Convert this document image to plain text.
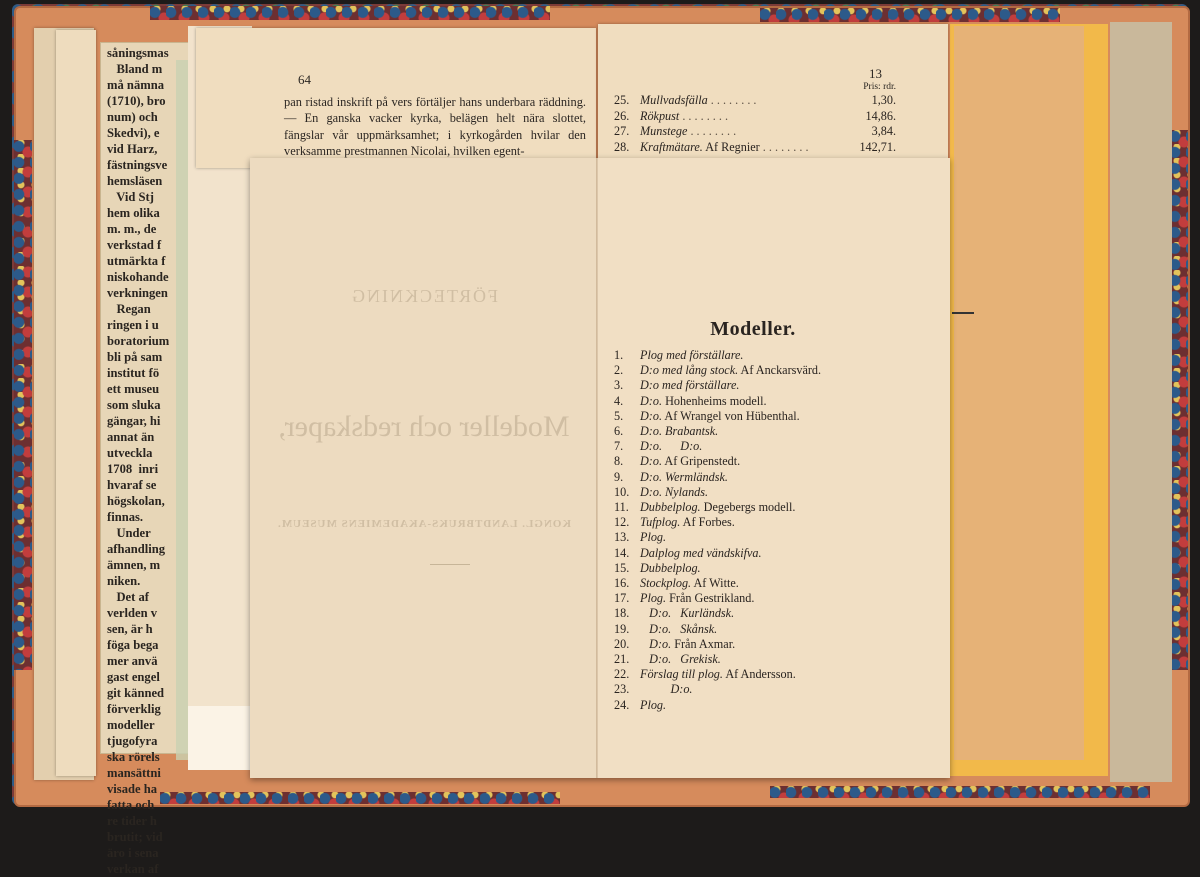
såningsmas
Bland m
må nämna
(1710), bro
num) och
Skedvi), e
vid Harz,
fästningsve
hemsläsen
Vid Stj
hem olika
m. m., de
verkstad f
utmärkta f
niskohande
verkningen
Regan
ringen i u
boratorium
bli på sam
institut fö
ett museu
som sluka
gängar, hi
annat än
utveckla
1708  inri
hvaraf se
högskolan,
finnas.
Under
afhandling
ämnen, m
niken.
Det af
verlden v
sen, är h
föga bega
mer anvä
gast engel
git känned
förverklig
modeller
tjugofyra
ska rörels
mansättni
visade ha
fatta och
re tider h
brutit; vid
äro i sena
verkan af
64
pan ristad inskrift på vers förtäljer hans underbara räddning. — En ganska vacker kyrka, belägen helt nära slottet, fängslar vår uppmärksamhet; i kyrkogården hvilar den verksamme prestmannen Nicolai, hvilken egent-
13
Pris: rdr.
25. Mullvadsfälla . . . . . . . .	1,30.
26. Rökpust . . . . . . . .	14,86.
27. Munstege . . . . . . . .	3,84.
28. Kraftmätare. Af Regnier . . . . . . . .	142,71.
FÖRTECKNING
Modeller och redskaper,
KONGL. LANDTBRUKS-AKADEMIENS MUSEUM.
Modeller.
1. Plog med förställare.
2. D:o med lång stock. Af Anckarsvärd.
3. D:o med förställare.
4. D:o. Hohenheims modell.
5. D:o. Af Wrangel von Hübenthal.
6. D:o. Brabantsk.
7. D:o.      D:o.
8. D:o. Af Gripenstedt.
9. D:o. Wermländsk.
10. D:o. Nylands.
11. Dubbelplog. Degebergs modell.
12. Tufplog. Af Forbes.
13. Plog.
14. Dalplog med vändskifva.
15. Dubbelplog.
16. Stockplog. Af Witte.
17. Plog. Från Gestrikland.
18.   D:o.   Kurländsk.
19.   D:o.   Skånsk.
20.   D:o. Från Axmar.
21.   D:o.   Grekisk.
22. Förslag till plog. Af Andersson.
23.          D:o.
24. Plog.
